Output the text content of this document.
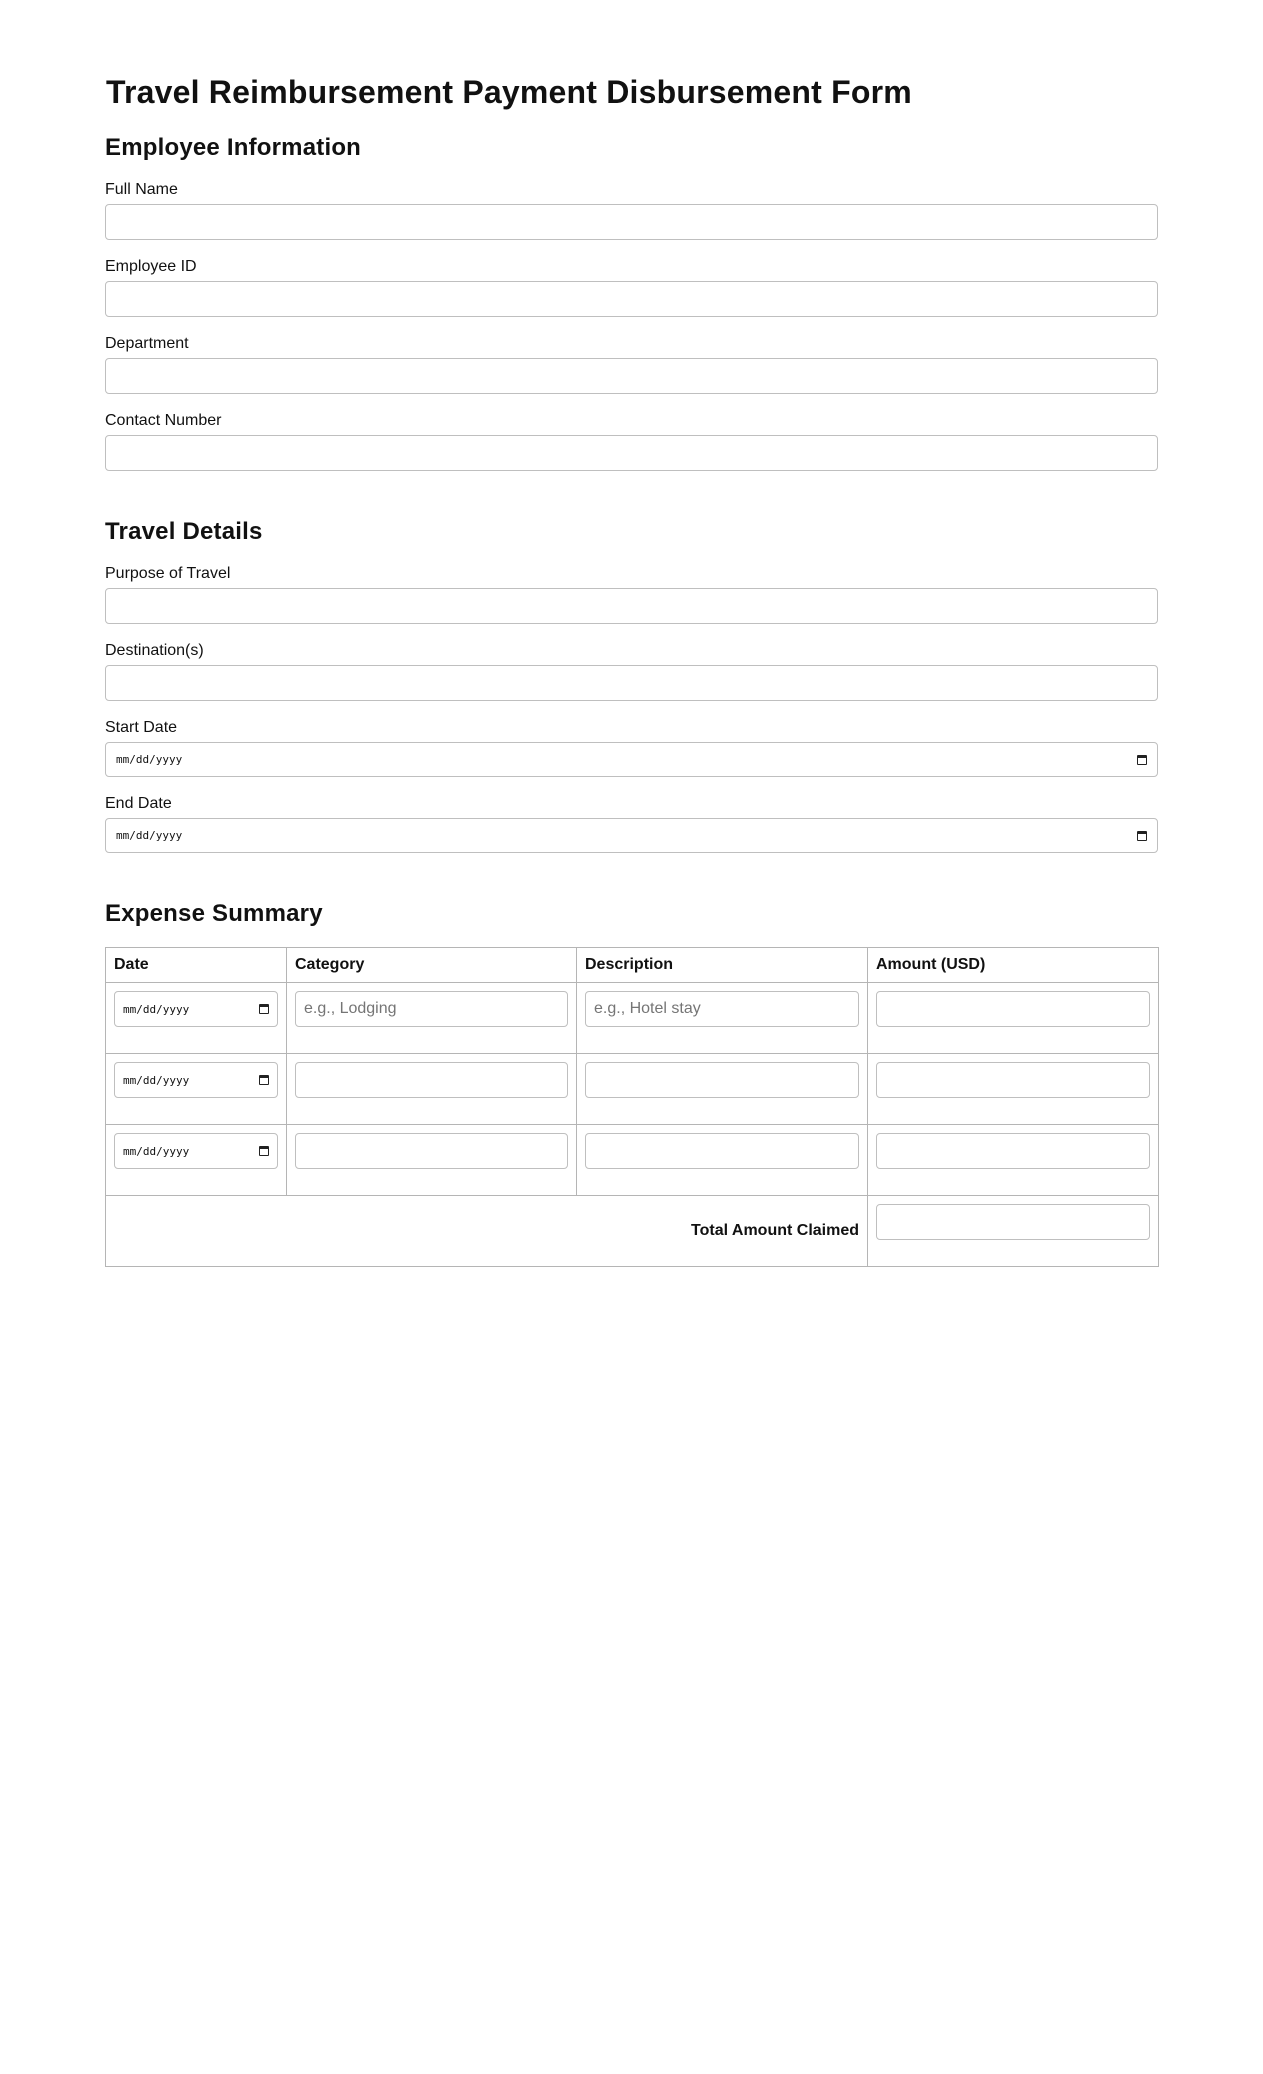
Travel Reimbursement Payment Disbursement Form
Employee Information
Full Name
Employee ID
Department
Contact Number
Travel Details
Purpose of Travel
Destination(s)
Start Date
mm/dd/yyyy
End Date
mm/dd/yyyy
Expense Summary
Date	Category	Description	Amount (USD)

mm/dd/yyyy	e.g., Lodging	e.g., Hotel stay	

mm/dd/yyyy			

mm/dd/yyyy			

Total Amount Claimed			
